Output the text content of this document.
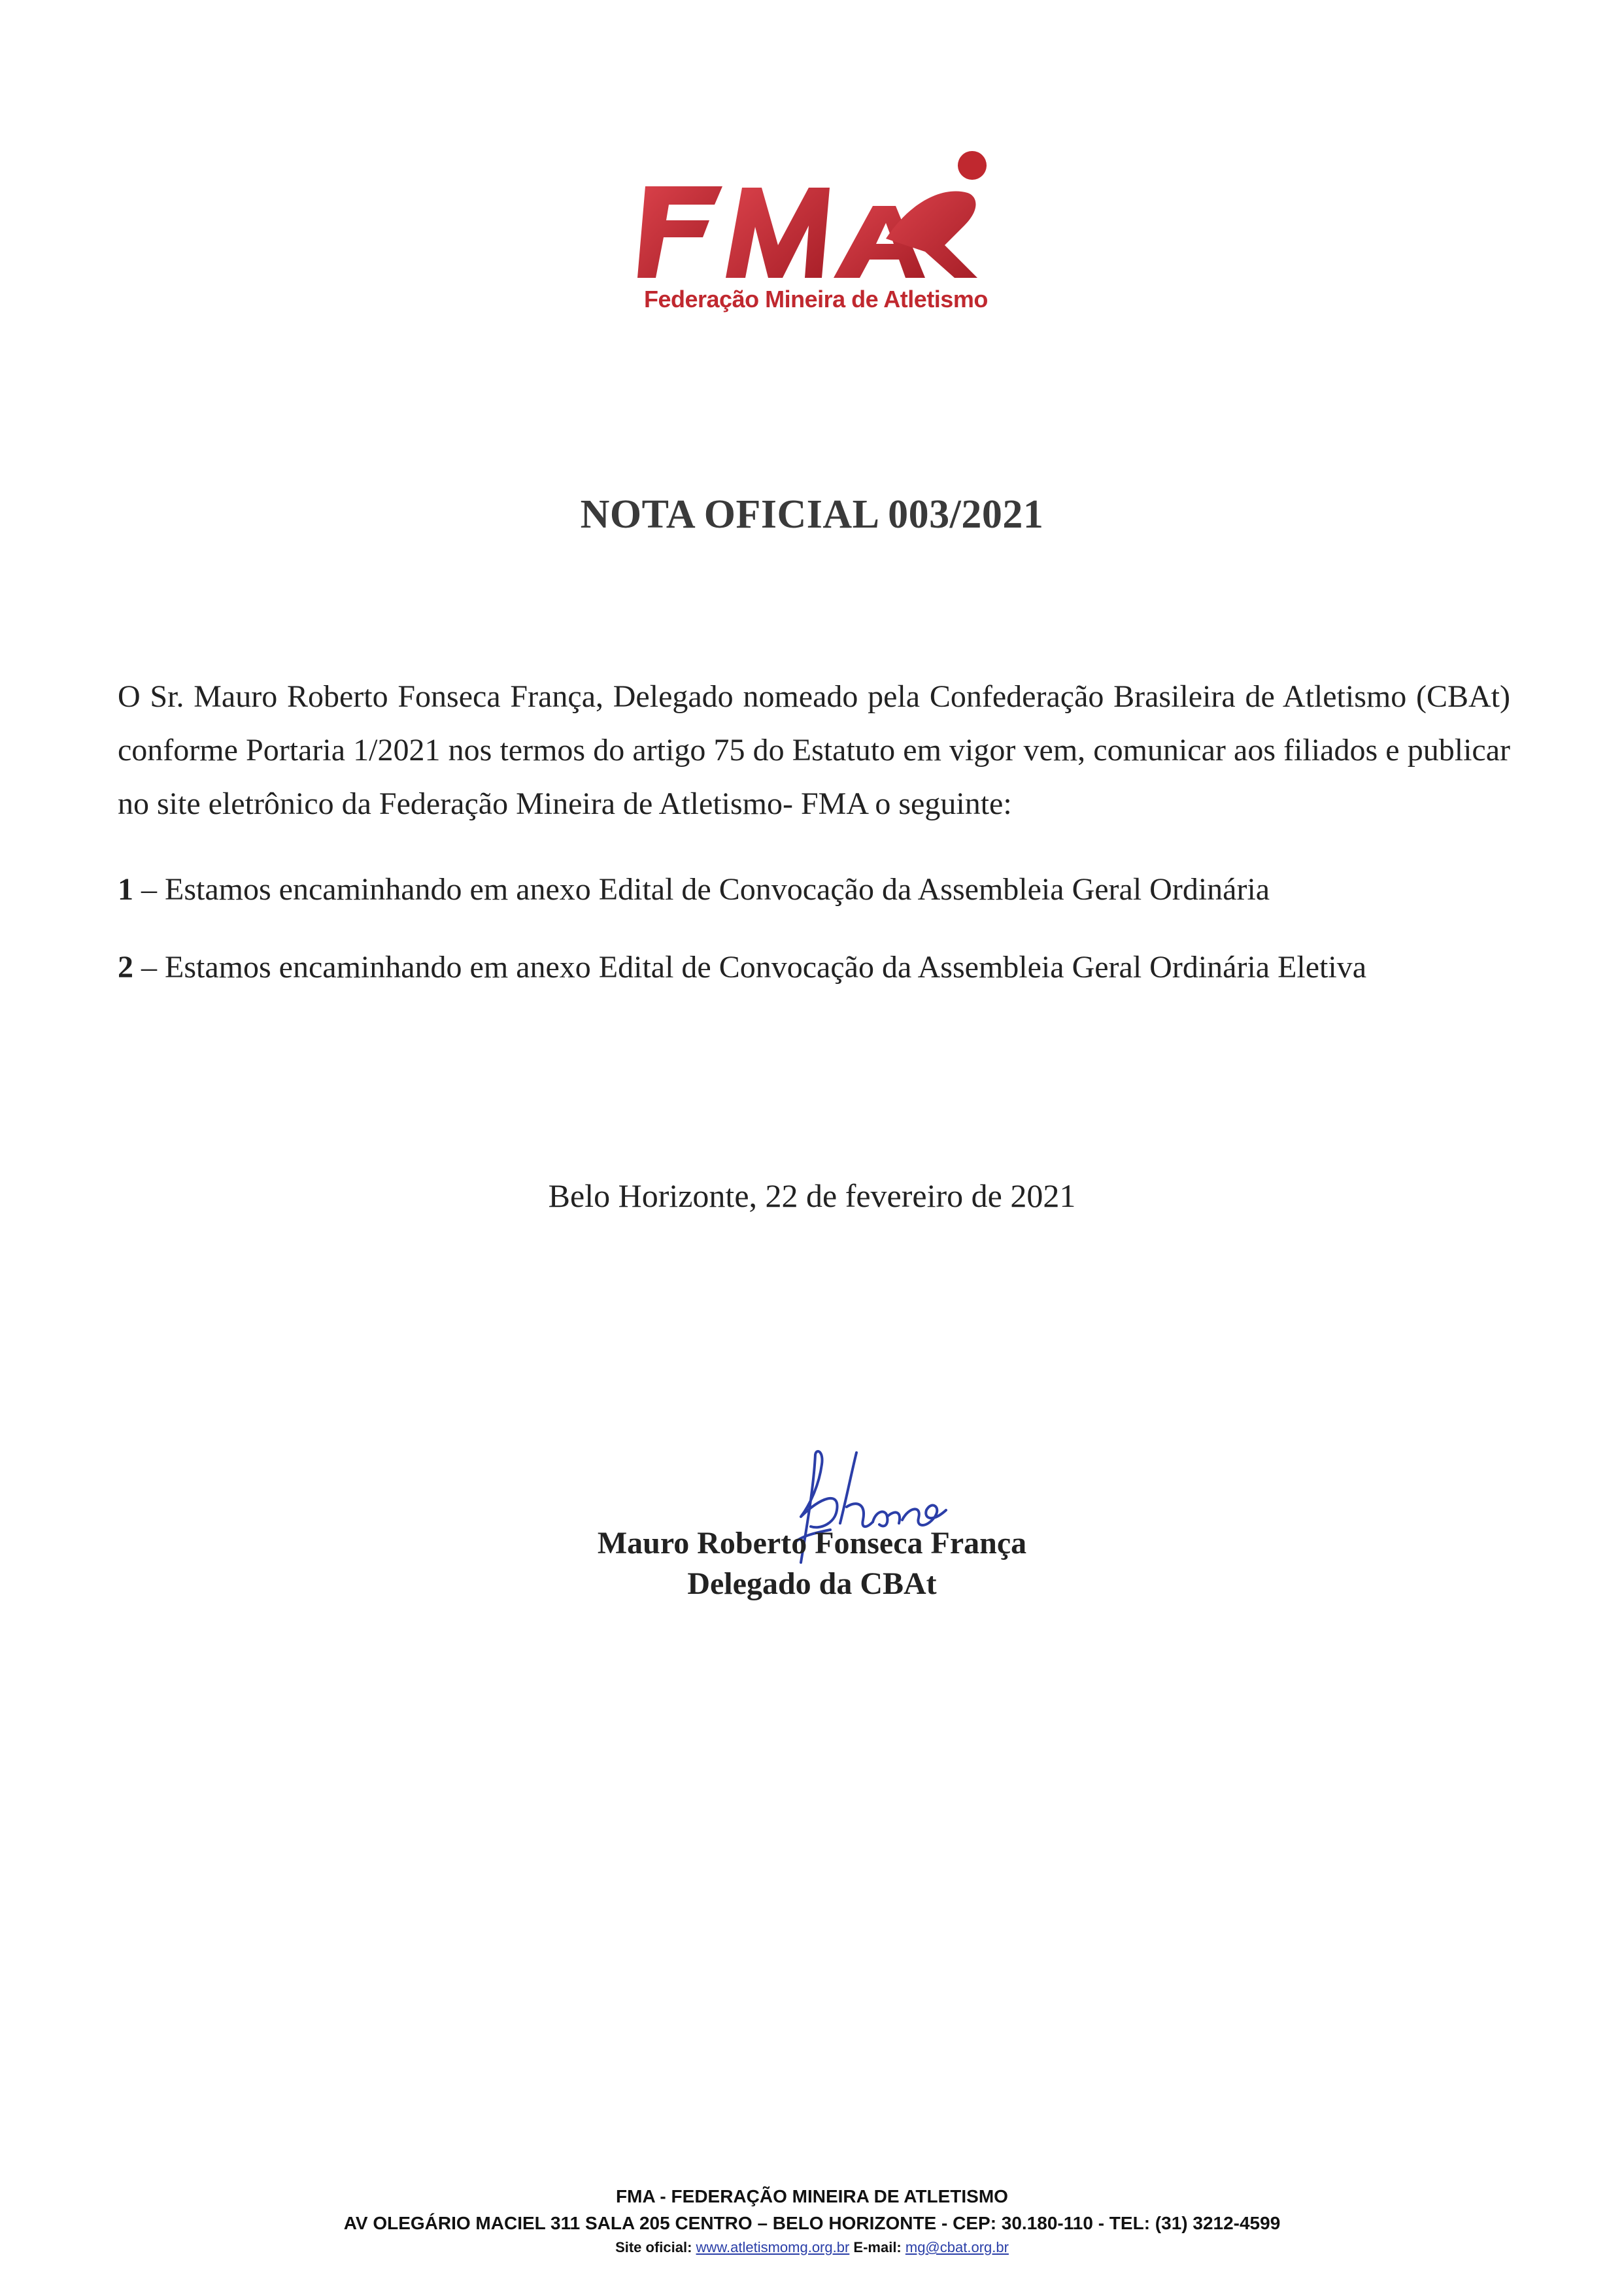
Federação Mineira de Atletismo
NOTA OFICIAL 003/2021
O Sr. Mauro Roberto Fonseca França, Delegado nomeado pela Confederação Brasileira de Atletismo (CBAt) conforme Portaria 1/2021 nos termos do artigo 75 do Estatuto em vigor vem, comunicar aos filiados e publicar no site eletrônico da Federação Mineira de Atletismo- FMA o seguinte:
1 – Estamos encaminhando em anexo Edital de Convocação da Assembleia Geral Ordinária
2 – Estamos encaminhando em anexo Edital de Convocação da Assembleia Geral Ordinária Eletiva
Belo Horizonte, 22 de fevereiro de 2021
Mauro Roberto Fonseca França
Delegado da CBAt
FMA - FEDERAÇÃO MINEIRA DE ATLETISMO
AV OLEGÁRIO MACIEL 311 SALA 205 CENTRO – BELO HORIZONTE - CEP: 30.180-110 - TEL: (31) 3212-4599
Site oficial: www.atletismomg.org.br E-mail: mg@cbat.org.br
